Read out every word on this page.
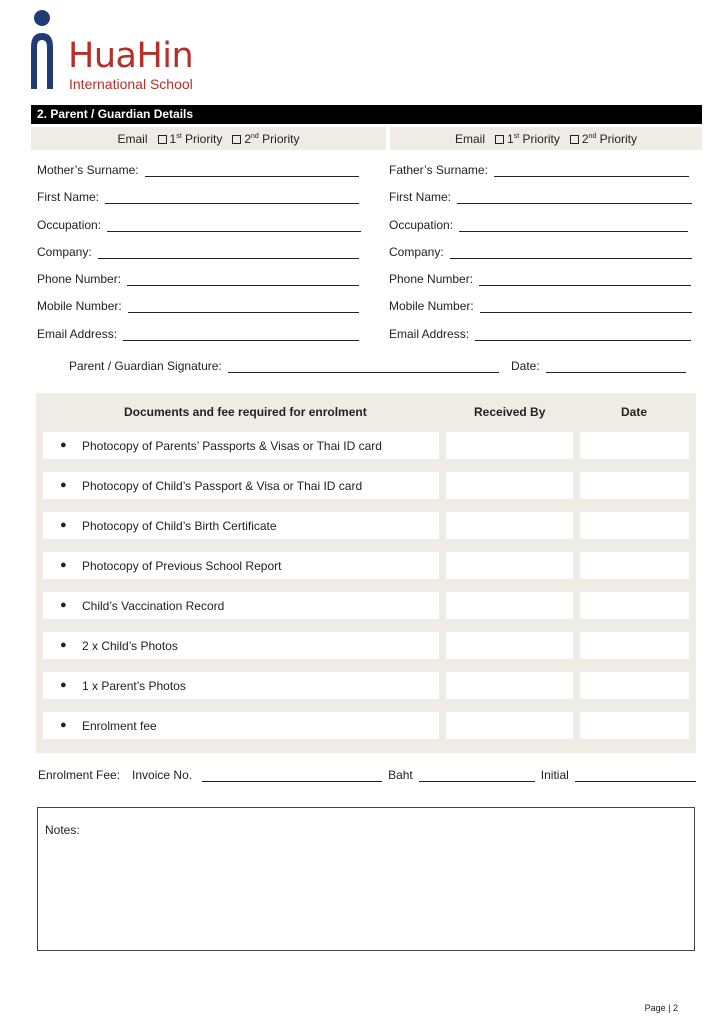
HuaHin
International School
2. Parent / Guardian Details
Email	1st Priority	2nd Priority	Email	1st Priority	2nd Priority
Mother’s Surname:
First Name:
Occupation:
Company:
Phone Number:
Mobile Number:
Email Address:
Father’s Surname:
First Name:
Occupation:
Company:
Phone Number:
Mobile Number:
Email Address:
Parent / Guardian Signature:	Date:
Documents and fee required for enrolment	Received By	Date
● Photocopy of Parents’ Passports & Visas or Thai ID card
● Photocopy of Child’s Passport & Visa or Thai ID card
● Photocopy of Child’s Birth Certificate
● Photocopy of Previous School Report
● Child’s Vaccination Record
● 2 x Child’s Photos
● 1 x Parent’s Photos
● Enrolment fee
Enrolment Fee: Invoice No.	Baht	Initial
Notes:
Page | 2
